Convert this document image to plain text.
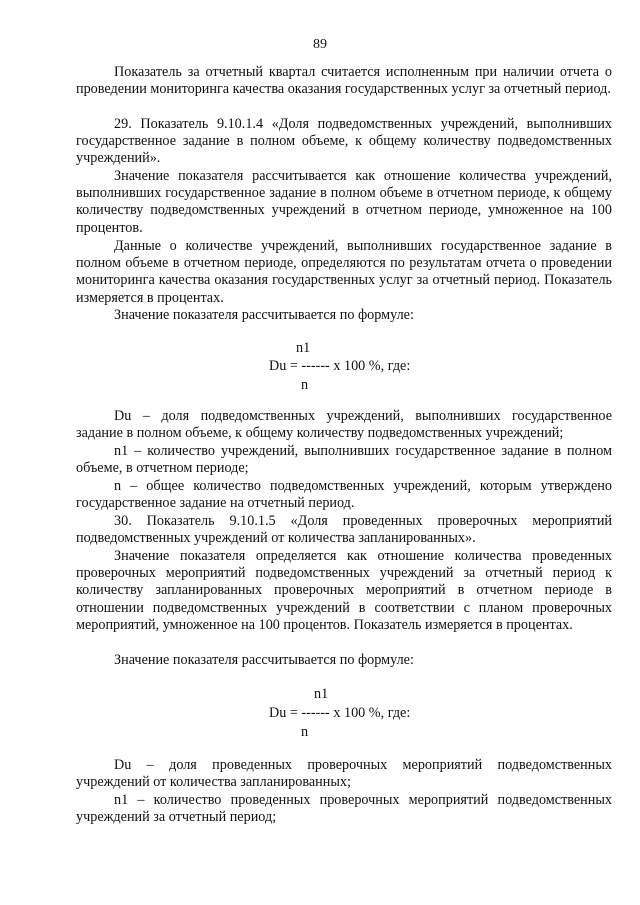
89

Показатель за отчетный квартал считается исполненным при наличии отчета о проведении мониторинга качества оказания государственных услуг за отчетный период.

29. Показатель 9.10.1.4 «Доля подведомственных учреждений, выполнивших государственное задание в полном объеме, к общему количеству подведомственных учреждений».

Значение показателя рассчитывается как отношение количества учреждений, выполнивших государственное задание в полном объеме в отчетном периоде, к общему количеству подведомственных учреждений в отчетном периоде, умноженное на 100 процентов.

Данные о количестве учреждений, выполнивших государственное задание в полном объеме в отчетном периоде, определяются по результатам отчета о проведении мониторинга качества оказания государственных услуг за отчетный период. Показатель измеряется в процентах.

Значение показателя рассчитывается по формуле:

n1
Du = ------ х 100 %, где:
n

Du – доля подведомственных учреждений, выполнивших государственное задание в полном объеме, к общему количеству подведомственных учреждений;

n1 – количество учреждений, выполнивших государственное задание в полном объеме, в отчетном периоде;

n – общее количество подведомственных учреждений, которым утверждено государственное задание на отчетный период.

30. Показатель 9.10.1.5 «Доля проведенных проверочных мероприятий подведомственных учреждений от количества запланированных».

Значение показателя определяется как отношение количества проведенных проверочных мероприятий подведомственных учреждений за отчетный период к количеству запланированных проверочных мероприятий в отчетном периоде в отношении подведомственных учреждений в соответствии с планом проверочных мероприятий, умноженное на 100 процентов. Показатель измеряется в процентах.

Значение показателя рассчитывается по формуле:

n1
Du = ------ х 100 %, где:
n

Du – доля проведенных проверочных мероприятий подведомственных учреждений от количества запланированных;

n1 – количество проведенных проверочных мероприятий подведомственных учреждений за отчетный период;
